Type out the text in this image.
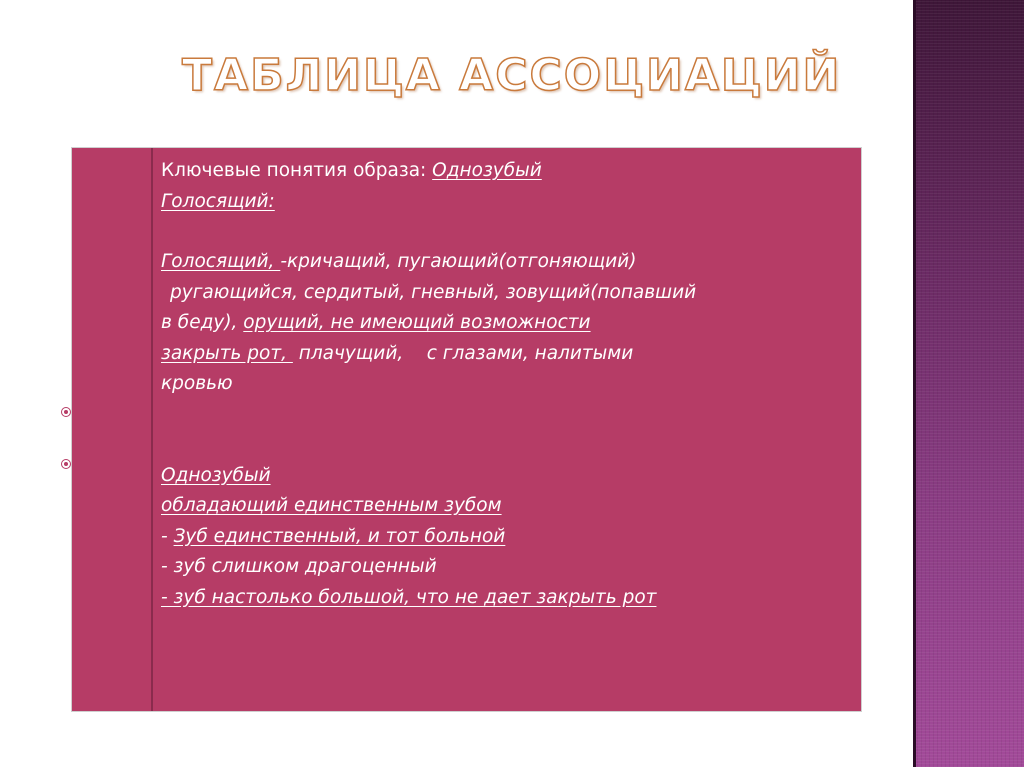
ТАБЛИЦА АССОЦИАЦИЙ

Ключевые понятия образа: Однозубый

Голосящий:

Голосящий, -кричащий, пугающий(отгоняющий)

ругающийся, сердитый, гневный, зовущий(попавший

в беду), орущий, не имеющий возможности

закрыть рот,  плачущий,    с глазами, налитыми

кровью

Однозубый

обладающий единственным зубом

- Зуб единственный, и тот больной

- зуб слишком драгоценный

- зуб настолько большой, что не дает закрыть рот
